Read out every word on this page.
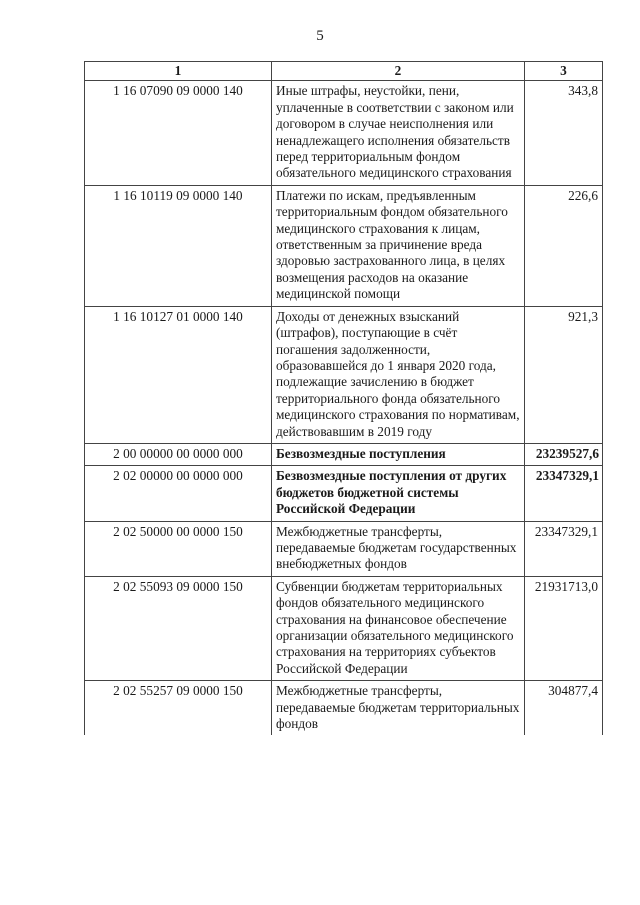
5
1	2	3
1 16 07090 09 0000 140	Иные штрафы, неустойки, пени, уплаченные в соответствии с законом или договором в случае неисполнения или ненадлежащего исполнения обязательств перед территориальным фондом обязательного медицинского страхования	343,8
1 16 10119 09 0000 140	Платежи по искам, предъявленным территориальным фондом обязательного медицинского страхования к лицам, ответственным за причинение вреда здоровью застрахованного лица, в целях возмещения расходов на оказание медицинской помощи	226,6
1 16 10127 01 0000 140	Доходы от денежных взысканий (штрафов), поступающие в счёт погашения задолженности, образовавшейся до 1 января 2020 года, подлежащие зачислению в бюджет территориального фонда обязательного медицинского страхования по нормативам, действовавшим в 2019 году	921,3
2 00 00000 00 0000 000	Безвозмездные поступления	23239527,6
2 02 00000 00 0000 000	Безвозмездные поступления от других бюджетов бюджетной системы Российской Федерации	23347329,1
2 02 50000 00 0000 150	Межбюджетные трансферты, передаваемые бюджетам государственных внебюджетных фондов	23347329,1
2 02 55093 09 0000 150	Субвенции бюджетам территориальных фондов обязательного медицинского страхования на финансовое обеспечение организации обязательного медицинского страхования на территориях субъектов Российской Федерации	21931713,0
2 02 55257 09 0000 150	Межбюджетные трансферты, передаваемые бюджетам территориальных фондов	304877,4
